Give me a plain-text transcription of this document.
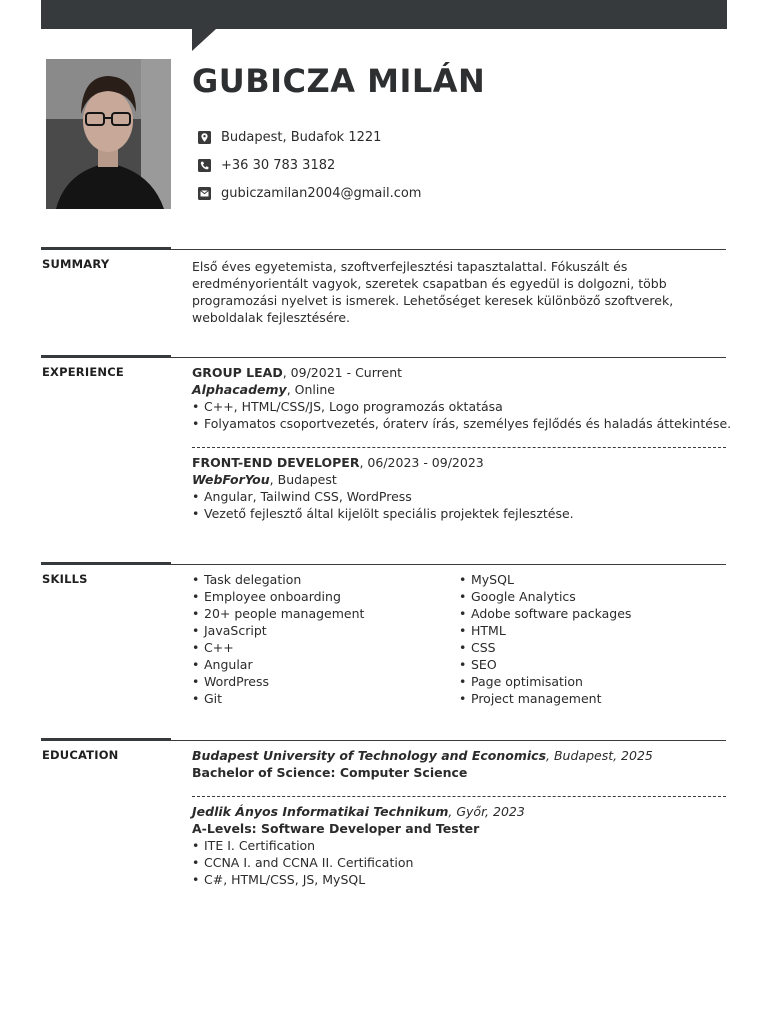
GUBICZA MILÁN
Budapest, Budafok 1221
+36 30 783 3182
gubiczamilan2004@gmail.com
SUMMARY	Első éves egyetemista, szoftverfejlesztési tapasztalattal. Fókuszált és
eredményorientált vagyok, szeretek csapatban és egyedül is dolgozni, több
programozási nyelvet is ismerek. Lehetőséget keresek különböző szoftverek,
weboldalak fejlesztésére.
EXPERIENCE	GROUP LEAD, 09/2021 - Current
Alphacademy, Online
• C++, HTML/CSS/JS, Logo programozás oktatása
• Folyamatos csoportvezetés, óraterv írás, személyes fejlődés és haladás áttekintése.
FRONT-END DEVELOPER, 06/2023 - 09/2023
WebForYou, Budapest
• Angular, Tailwind CSS, WordPress
• Vezető fejlesztő által kijelölt speciális projektek fejlesztése.
SKILLS
•	Task delegation
• Employee onboarding
• 20+ people management
• JavaScript
• C++
• Angular
• WordPress
• Git
• MySQL
• Google Analytics
• Adobe software packages
• HTML
• CSS
• SEO
• Page optimisation
• Project management
EDUCATION	Budapest University of Technology and Economics, Budapest, 2025
Bachelor of Science: Computer Science
Jedlik Ányos Informatikai Technikum, Győr, 2023
A-Levels: Software Developer and Tester
• ITE I. Certification
• CCNA I. and CCNA II. Certification
• C#, HTML/CSS, JS, MySQL
